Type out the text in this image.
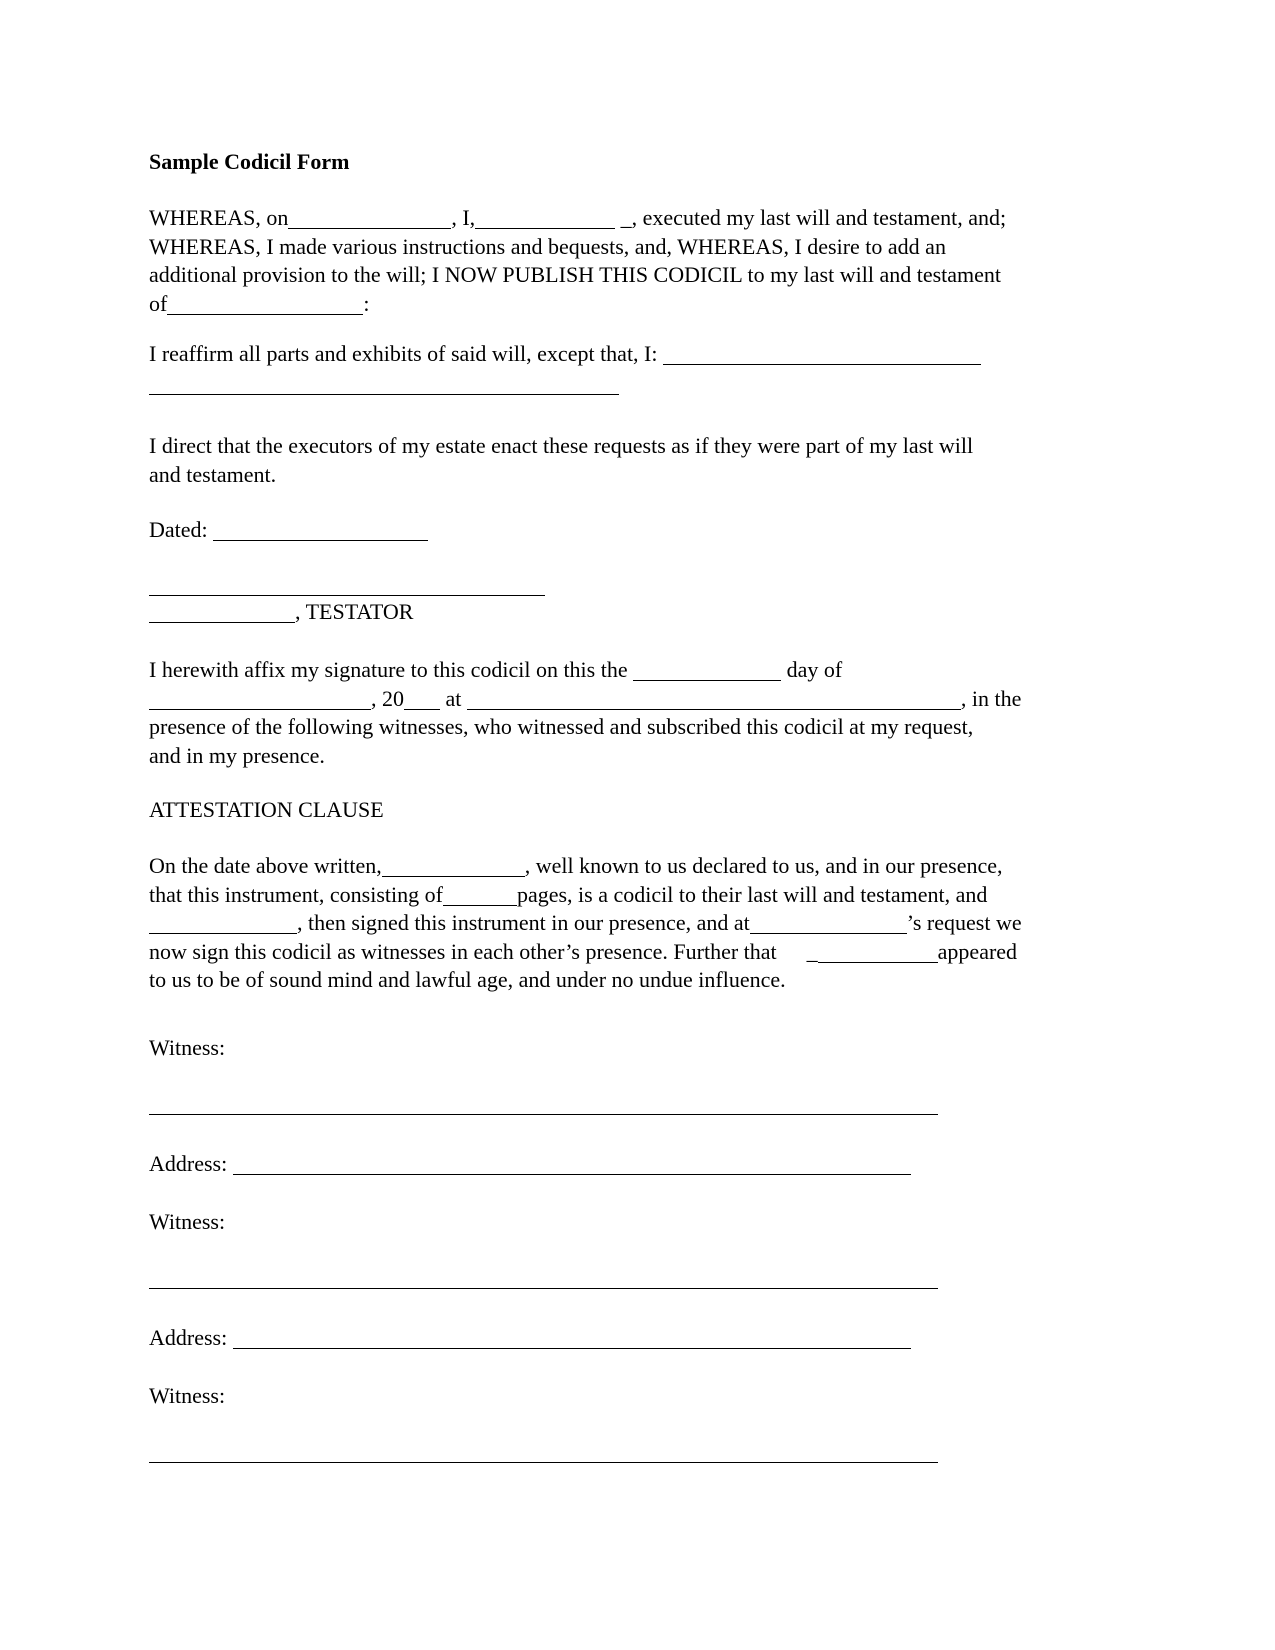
Sample Codicil Form
WHEREAS, on	, I,	_, executed my last will and testament, and;
WHEREAS, I made various instructions and bequests, and, WHEREAS, I desire to add an
additional provision to the will; I NOW PUBLISH THIS CODICIL to my last will and testament
of	:
I reaffirm all parts and exhibits of said will, except that, I:
I direct that the executors of my estate enact these requests as if they were part of my last will
and testament.
Dated:
, TESTATOR
I herewith affix my signature to this codicil on this the	day of
, 20 at	, in the
presence of the following witnesses, who witnessed and subscribed this codicil at my request,
and in my presence.
ATTESTATION CLAUSE
On the date above written,	, well known to us declared to us, and in our presence,
that this instrument, consisting of	pages, is a codicil to their last will and testament, and
, then signed this instrument in our presence, and at	’s request we
now sign this codicil as witnesses in each other’s presence. Further that _	appeared
to us to be of sound mind and lawful age, and under no undue influence.
Witness:
Address:
Witness:
Address:
Witness:
